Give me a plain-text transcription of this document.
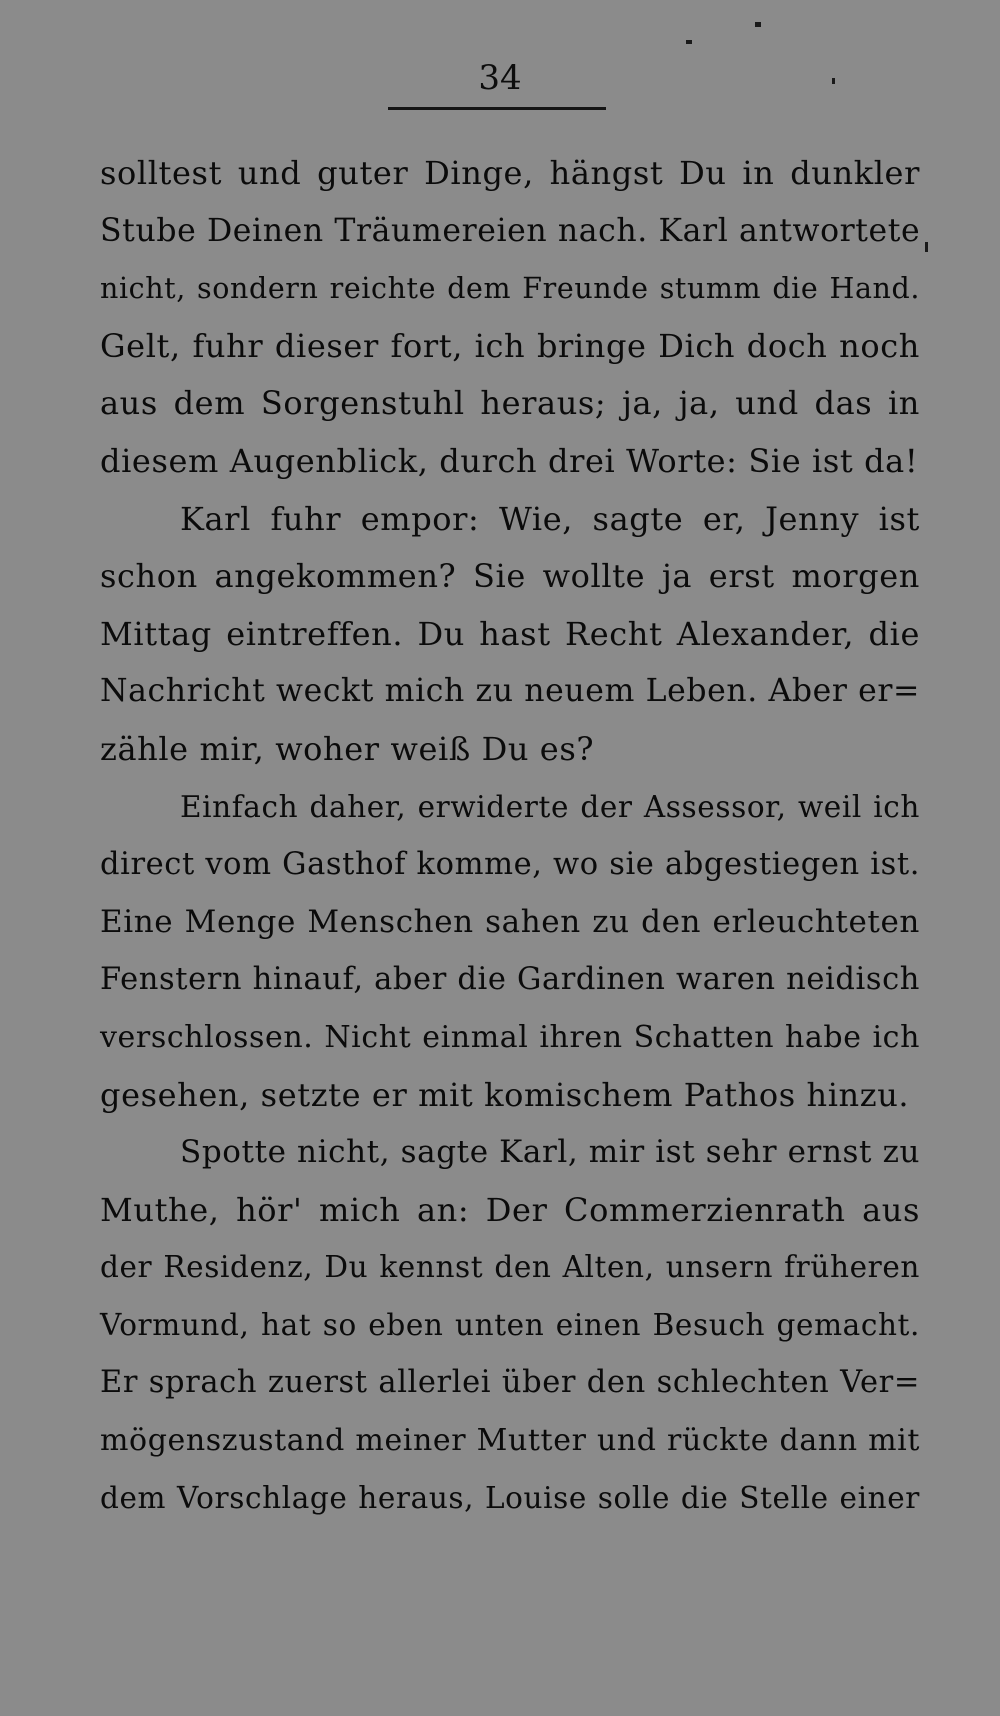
34
solltest und guter Dinge, hängst Du in dunkler
Stube Deinen Träumereien nach. Karl antwortete
nicht, sondern reichte dem Freunde stumm die Hand.
Gelt, fuhr dieser fort, ich bringe Dich doch noch
aus dem Sorgenstuhl heraus; ja, ja, und das in
diesem Augenblick, durch drei Worte: Sie ist da!
Karl fuhr empor: Wie, sagte er, Jenny ist
schon angekommen? Sie wollte ja erst morgen
Mittag eintreffen. Du hast Recht Alexander, die
Nachricht weckt mich zu neuem Leben. Aber er=
zähle mir, woher weiß Du es?
Einfach daher, erwiderte der Assessor, weil ich
direct vom Gasthof komme, wo sie abgestiegen ist.
Eine Menge Menschen sahen zu den erleuchteten
Fenstern hinauf, aber die Gardinen waren neidisch
verschlossen. Nicht einmal ihren Schatten habe ich
gesehen, setzte er mit komischem Pathos hinzu.
Spotte nicht, sagte Karl, mir ist sehr ernst zu
Muthe, hör' mich an: Der Commerzienrath aus
der Residenz, Du kennst den Alten, unsern früheren
Vormund, hat so eben unten einen Besuch gemacht.
Er sprach zuerst allerlei über den schlechten Ver=
mögenszustand meiner Mutter und rückte dann mit
dem Vorschlage heraus, Louise solle die Stelle einer
